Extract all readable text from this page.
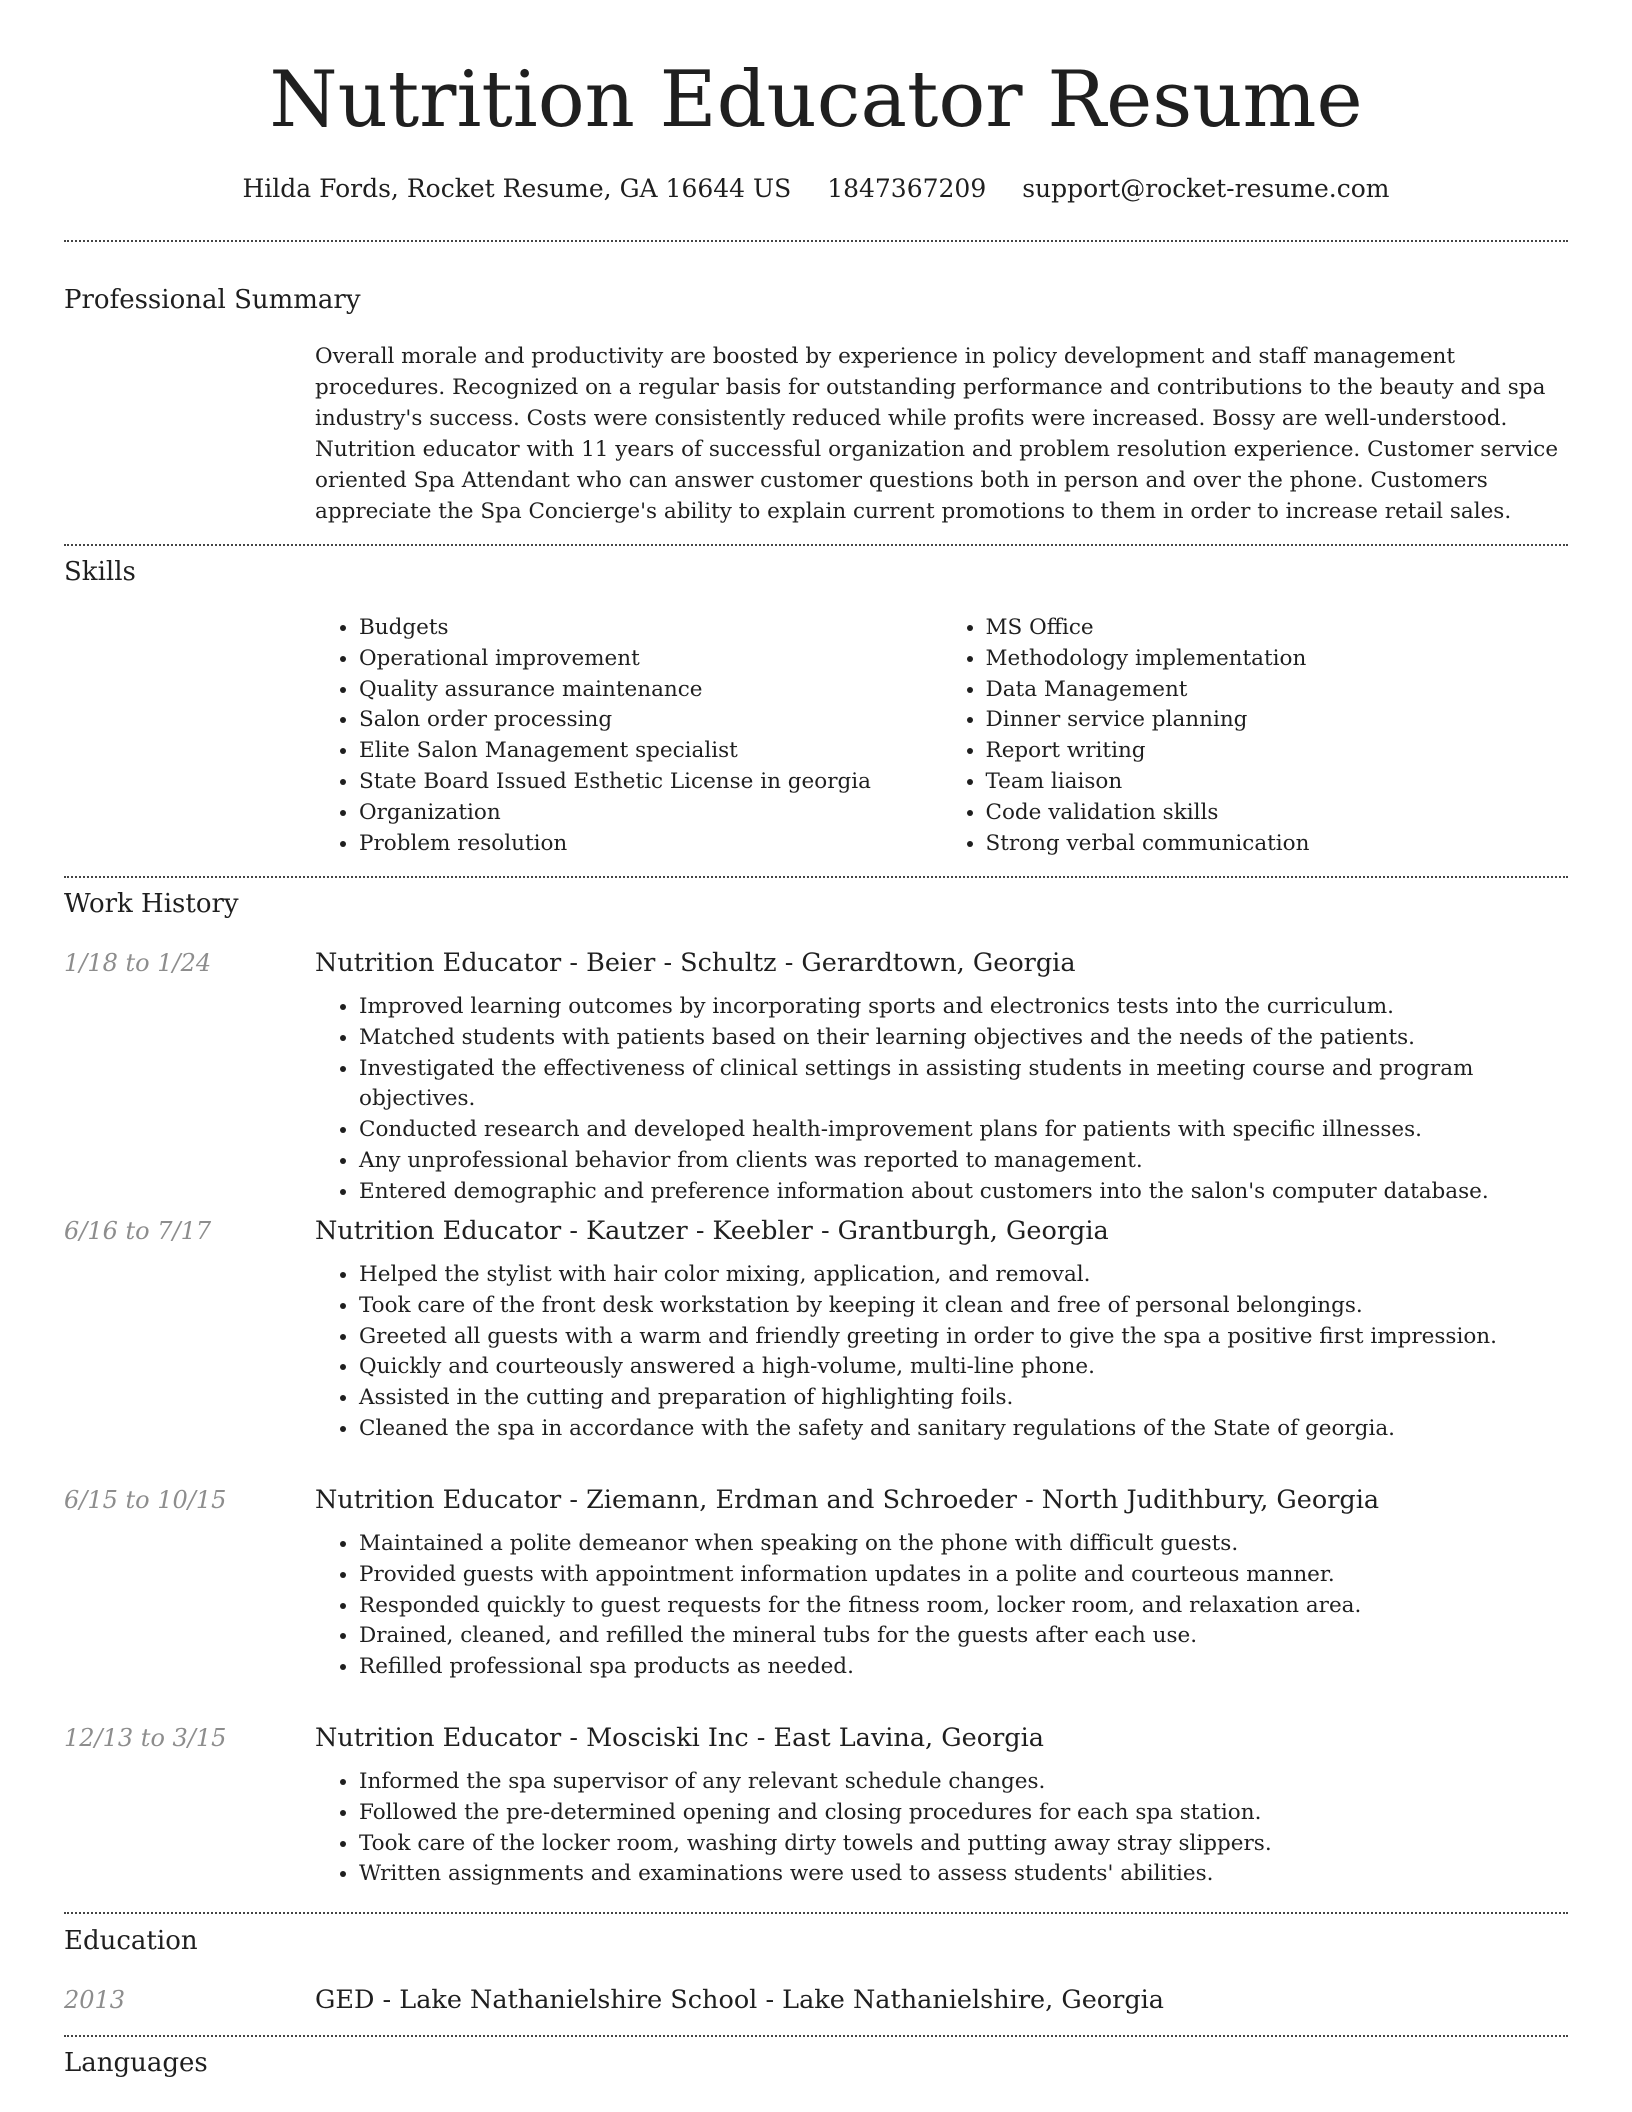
Nutrition Educator Resume
Hilda Fords, Rocket Resume, GA 16644 US 1847367209 support@rocket-resume.com
Professional Summary

Overall morale and productivity are boosted by experience in policy development and staff management procedures. Recognized on a regular basis for outstanding performance and contributions to the beauty and spa industry's success. Costs were consistently reduced while profits were increased. Bossy are well-understood. Nutrition educator with 11 years of successful organization and problem resolution experience. Customer service oriented Spa Attendant who can answer customer questions both in person and over the phone. Customers appreciate the Spa Concierge's ability to explain current promotions to them in order to increase retail sales.

Skills
• Budgets
• Operational improvement
• Quality assurance maintenance
• Salon order processing
• Elite Salon Management specialist
• State Board Issued Esthetic License in georgia
• Organization
• Problem resolution
• MS Office
• Methodology implementation
• Data Management
• Dinner service planning
• Report writing
• Team liaison
• Code validation skills
• Strong verbal communication
Work History
1/18 to 1/24	Nutrition Educator - Beier - Schultz - Gerardtown, Georgia
• Improved learning outcomes by incorporating sports and electronics tests into the curriculum.
• Matched students with patients based on their learning objectives and the needs of the patients.
• Investigated the effectiveness of clinical settings in assisting students in meeting course and program objectives.
• Conducted research and developed health-improvement plans for patients with specific illnesses.
• Any unprofessional behavior from clients was reported to management.
• Entered demographic and preference information about customers into the salon's computer database.
6/16 to 7/17	Nutrition Educator - Kautzer - Keebler - Grantburgh, Georgia
• Helped the stylist with hair color mixing, application, and removal.
• Took care of the front desk workstation by keeping it clean and free of personal belongings.
• Greeted all guests with a warm and friendly greeting in order to give the spa a positive first impression.
• Quickly and courteously answered a high-volume, multi-line phone.
• Assisted in the cutting and preparation of highlighting foils.
• Cleaned the spa in accordance with the safety and sanitary regulations of the State of georgia.
6/15 to 10/15	Nutrition Educator - Ziemann, Erdman and Schroeder - North Judithbury, Georgia
• Maintained a polite demeanor when speaking on the phone with difficult guests.
• Provided guests with appointment information updates in a polite and courteous manner.
• Responded quickly to guest requests for the fitness room, locker room, and relaxation area.
• Drained, cleaned, and refilled the mineral tubs for the guests after each use.
• Refilled professional spa products as needed.
12/13 to 3/15	Nutrition Educator - Mosciski Inc - East Lavina, Georgia
• Informed the spa supervisor of any relevant schedule changes.
• Followed the pre-determined opening and closing procedures for each spa station.
• Took care of the locker room, washing dirty towels and putting away stray slippers.
• Written assignments and examinations were used to assess students' abilities.
Education
2013	GED - Lake Nathanielshire School - Lake Nathanielshire, Georgia
Languages
